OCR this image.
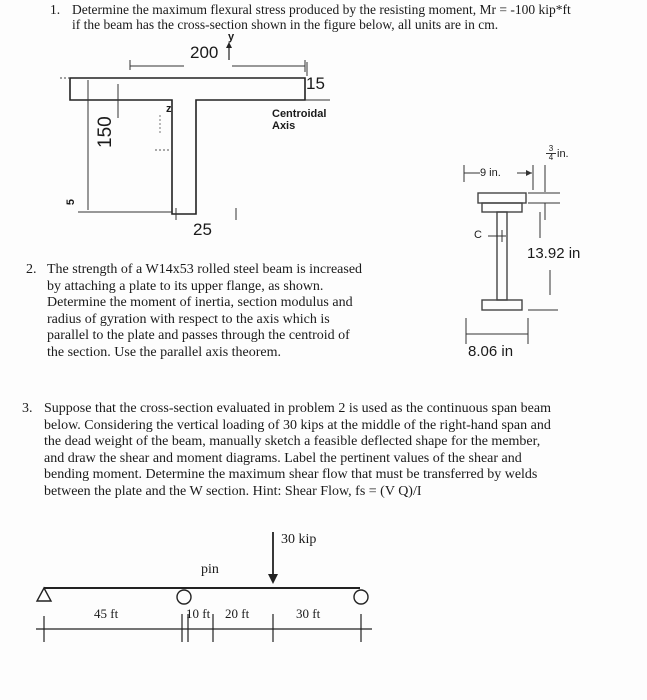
1. Determine the maximum flexural stress produced by the resisting moment, Mr = -100 kip*ft
if the beam has the cross-section shown in the figure below, all units are in cm.
y
200
15
z	Centroidal
Axis
150
5
25
9 in.
$\frac{3}{4}$ in.
C
13.92 in
8.06 in
2. The strength of a W14x53 rolled steel beam is increased
by attaching a plate to its upper flange, as shown.
Determine the moment of inertia, section modulus and
radius of gyration with respect to the axis which is
parallel to the plate and passes through the centroid of
the section. Use the parallel axis theorem.
3. Suppose that the cross-section evaluated in problem 2 is used as the continuous span beam
below. Considering the vertical loading of 30 kips at the middle of the right-hand span and
the dead weight of the beam, manually sketch a feasible deflected shape for the member,
and draw the shear and moment diagrams. Label the pertinent values of the shear and
bending moment. Determine the maximum shear flow that must be transferred by welds
between the plate and the W section. Hint: Shear Flow, fs = (V Q)/I
30 kip
pin
45 ft	10 ft 20 ft	30 ft
